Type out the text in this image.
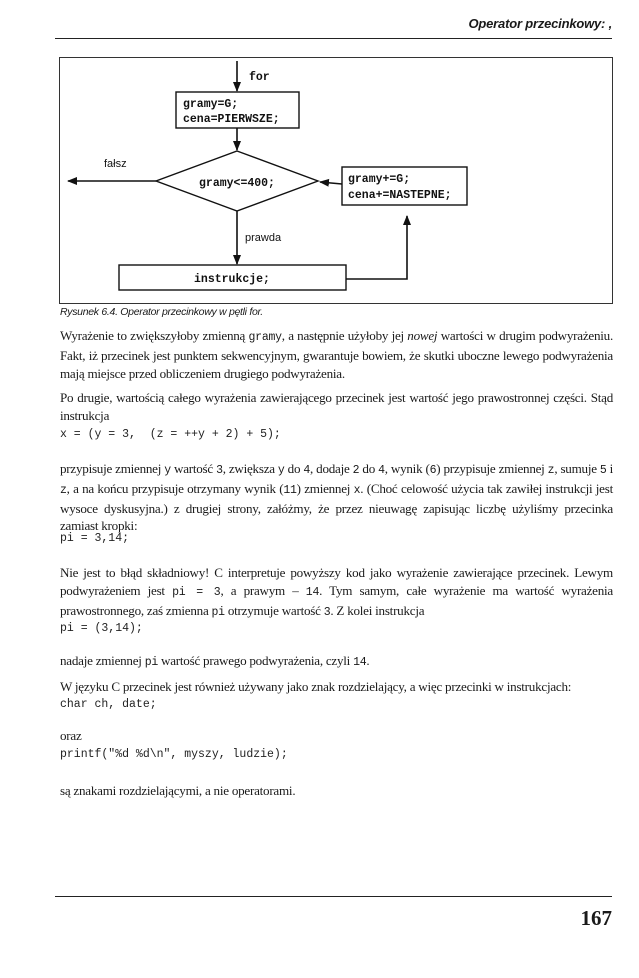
Operator przecinkowy: ,
for
gramy=G;
cena=PIERWSZE;
gramy<=400;
fałsz
prawda
instrukcje;
gramy+=G;
cena+=NASTEPNE;
Rysunek 6.4. Operator przecinkowy w pętli for.

Wyrażenie to zwiększyłoby zmienną gramy, a następnie użyłoby jej nowej wartości w drugim podwyrażeniu. Fakt, iż przecinek jest punktem sekwencyjnym, gwarantuje bowiem, że skutki uboczne lewego podwyrażenia mają miejsce przed obliczeniem drugiego podwyrażenia.

Po drugie, wartością całego wyrażenia zawierającego przecinek jest wartość jego prawostronnej części. Stąd instrukcja

x = (y = 3,  (z = ++y + 2) + 5);

przypisuje zmiennej y wartość 3, zwiększa y do 4, dodaje 2 do 4, wynik (6) przypisuje zmiennej z, sumuje 5 i z, a na końcu przypisuje otrzymany wynik (11) zmiennej x. (Choć celowość użycia tak zawiłej instrukcji jest wysoce dyskusyjna.) z drugiej strony, załóżmy, że przez nieuwagę zapisując liczbę użyliśmy przecinka zamiast kropki:

pi = 3,14;

Nie jest to błąd składniowy! C interpretuje powyższy kod jako wyrażenie zawierające przecinek. Lewym podwyrażeniem jest pi = 3, a prawym – 14. Tym samym, całe wyrażenie ma wartość wyrażenia prawostronnego, zaś zmienna pi otrzymuje wartość 3. Z kolei instrukcja

pi = (3,14);

nadaje zmiennej pi wartość prawego podwyrażenia, czyli 14.

W języku C przecinek jest również używany jako znak rozdzielający, a więc przecinki w instrukcjach:

char ch, date;

oraz

printf("%d %d\n", myszy, ludzie);

są znakami rozdzielającymi, a nie operatorami.

167
